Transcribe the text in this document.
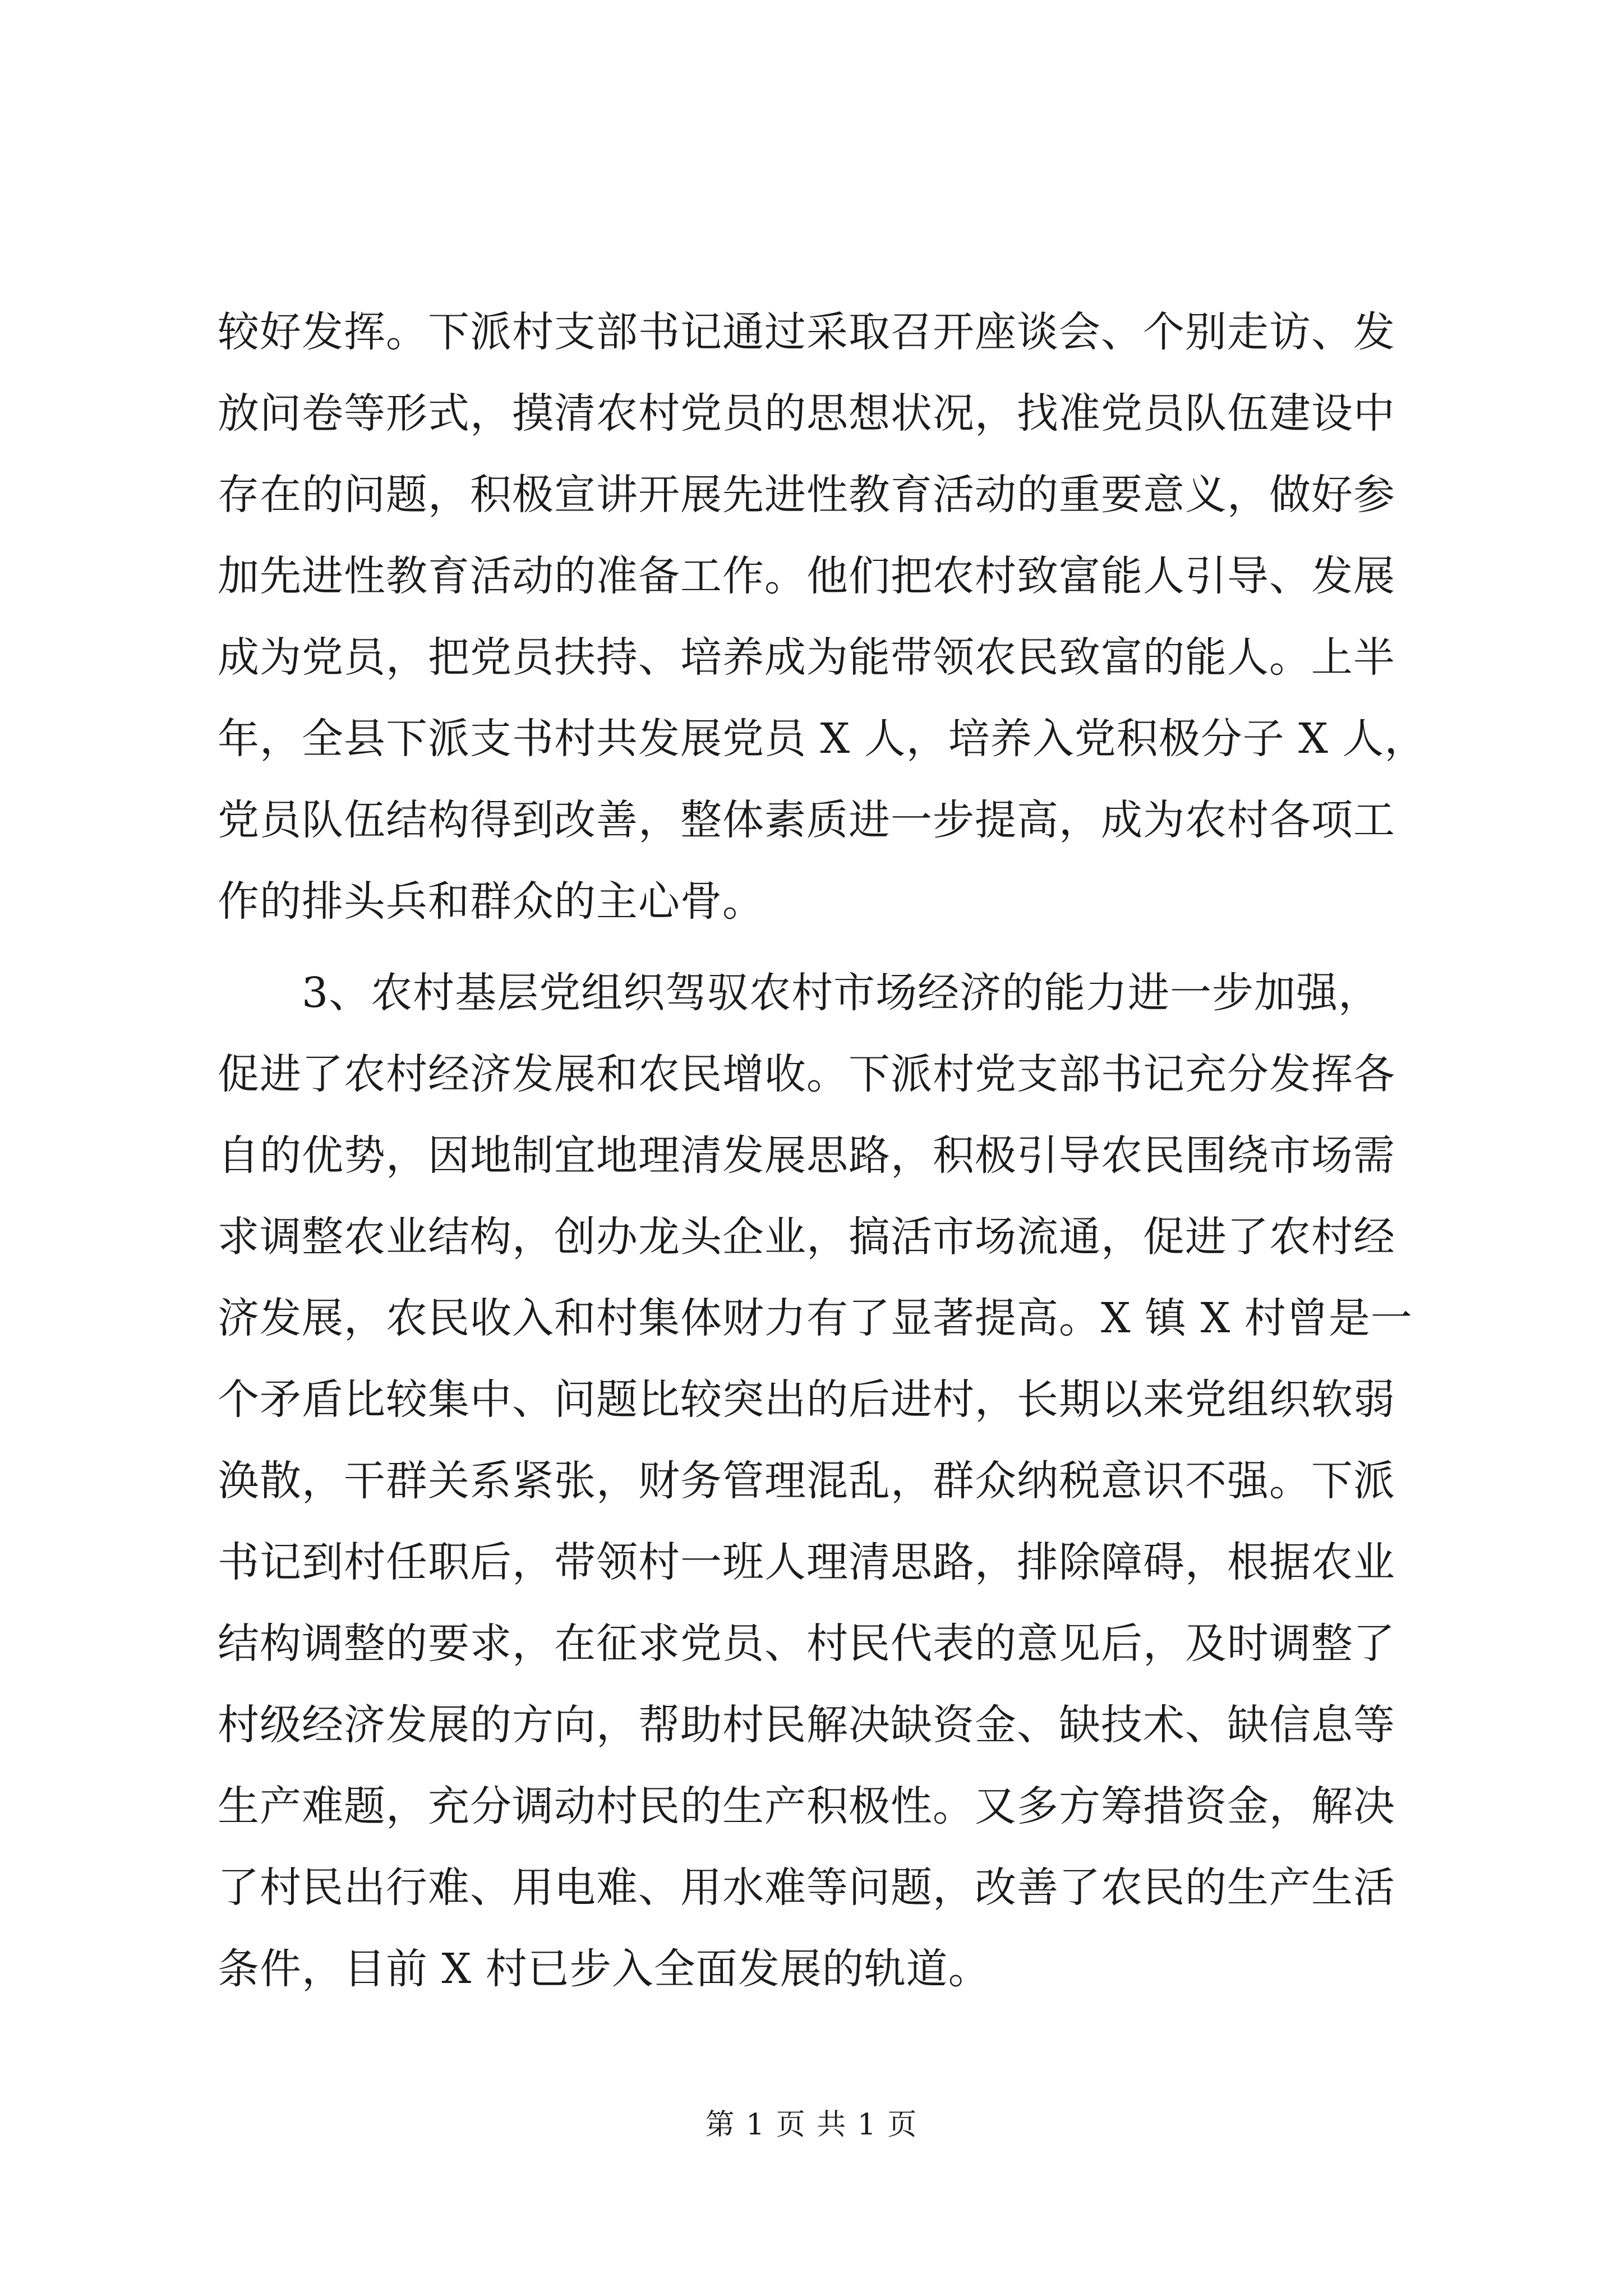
较好发挥。下派村支部书记通过采取召开座谈会、个别走访、发
放问卷等形式，摸清农村党员的思想状况，找准党员队伍建设中
存在的问题，积极宣讲开展先进性教育活动的重要意义，做好参
加先进性教育活动的准备工作。他们把农村致富能人引导、发展
成为党员，把党员扶持、培养成为能带领农民致富的能人。上半
年，全县下派支书村共发展党员 X 人，培养入党积极分子 X 人，
党员队伍结构得到改善，整体素质进一步提高，成为农村各项工
作的排头兵和群众的主心骨。
　　3、农村基层党组织驾驭农村市场经济的能力进一步加强，
促进了农村经济发展和农民增收。下派村党支部书记充分发挥各
自的优势，因地制宜地理清发展思路，积极引导农民围绕市场需
求调整农业结构，创办龙头企业，搞活市场流通，促进了农村经
济发展，农民收入和村集体财力有了显著提高。X 镇 X 村曾是一
个矛盾比较集中、问题比较突出的后进村，长期以来党组织软弱
涣散，干群关系紧张，财务管理混乱，群众纳税意识不强。下派
书记到村任职后，带领村一班人理清思路，排除障碍，根据农业
结构调整的要求，在征求党员、村民代表的意见后，及时调整了
村级经济发展的方向，帮助村民解决缺资金、缺技术、缺信息等
生产难题，充分调动村民的生产积极性。又多方筹措资金，解决
了村民出行难、用电难、用水难等问题，改善了农民的生产生活
条件，目前 X 村已步入全面发展的轨道。
第 1 页 共 1 页
